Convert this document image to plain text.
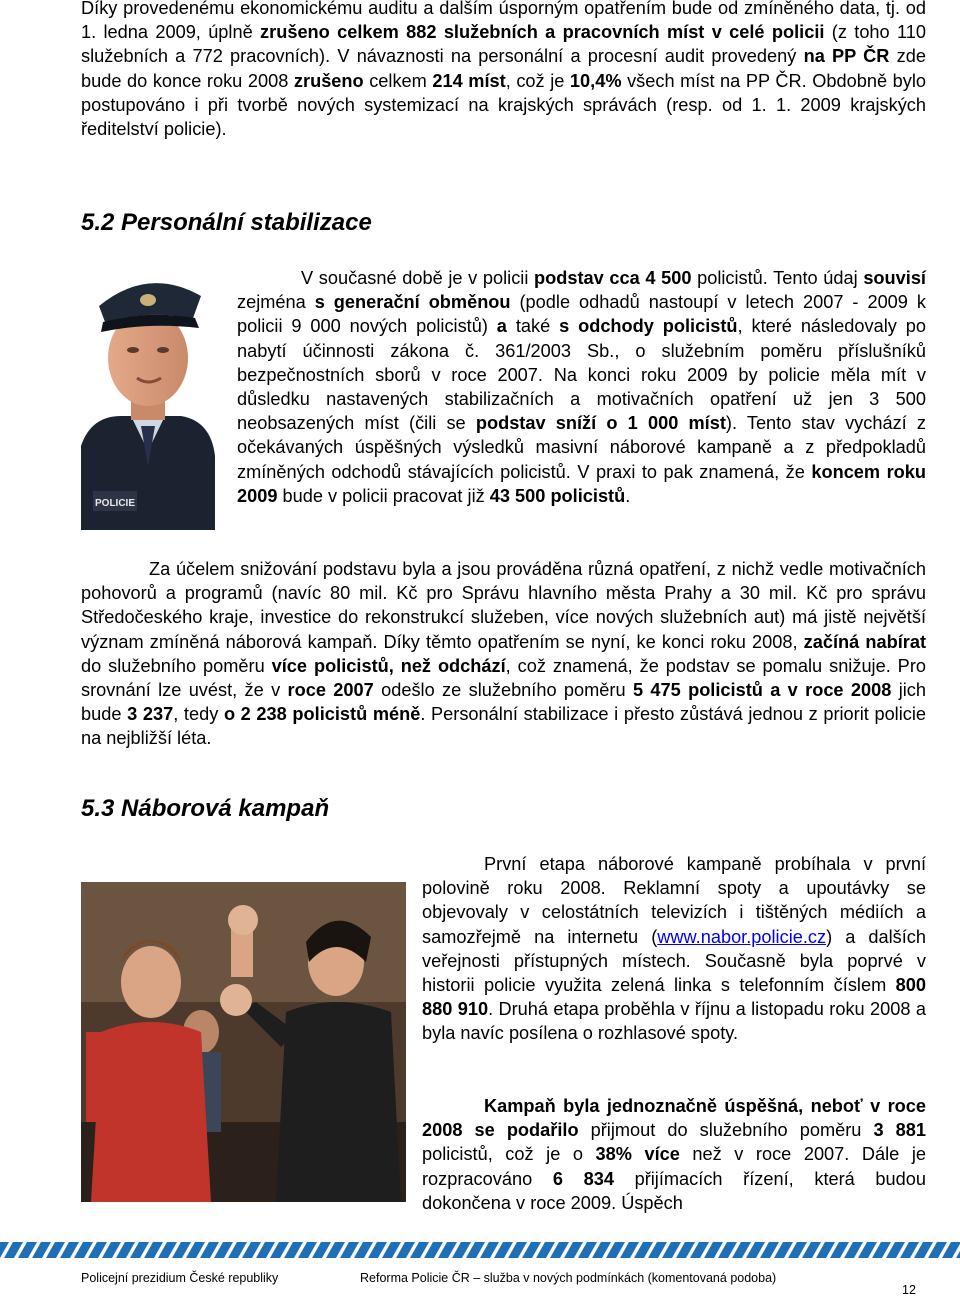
Díky provedenému ekonomickému auditu a dalším úsporným opatřením bude od zmíněného data, tj. od 1. ledna 2009, úplně zrušeno celkem 882 služebních a pracovních míst v celé policii (z toho 110 služebních a 772 pracovních). V návaznosti na personální a procesní audit provedený na PP ČR zde bude do konce roku 2008 zrušeno celkem 214 míst, což je 10,4% všech míst na PP ČR. Obdobně bylo postupováno i při tvorbě nových systemizací na krajských správách (resp. od 1. 1. 2009 krajských ředitelství policie).

5.2 Personální stabilizace
POLICIE

V současné době je v policii podstav cca 4 500 policistů. Tento údaj souvisí zejména s generační obměnou (podle odhadů nastoupí v letech 2007 - 2009 k policii 9 000 nových policistů) a také s odchody policistů, které následovaly po nabytí účinnosti zákona č. 361/2003 Sb., o služebním poměru příslušníků bezpečnostních sborů v roce 2007. Na konci roku 2009 by policie měla mít v důsledku nastavených stabilizačních a motivačních opatření už jen 3 500 neobsazených míst (čili se podstav sníží o 1 000 míst). Tento stav vychází z očekávaných úspěšných výsledků masivní náborové kampaně a z předpokladů zmíněných odchodů stávajících policistů. V praxi to pak znamená, že koncem roku 2009 bude v policii pracovat již 43 500 policistů.

Za účelem snižování podstavu byla a jsou prováděna různá opatření, z nichž vedle motivačních pohovorů a programů (navíc 80 mil. Kč pro Správu hlavního města Prahy a 30 mil. Kč pro správu Středočeského kraje, investice do rekonstrukcí služeben, více nových služebních aut) má jistě největší význam zmíněná náborová kampaň. Díky těmto opatřením se nyní, ke konci roku 2008, začíná nabírat do služebního poměru více policistů, než odchází, což znamená, že podstav se pomalu snižuje. Pro srovnání lze uvést, že v roce 2007 odešlo ze služebního poměru 5 475 policistů a v roce 2008 jich bude 3 237, tedy o 2 238 policistů méně. Personální stabilizace i přesto zůstává jednou z priorit policie na nejbližší léta.

5.3 Náborová kampaň

První etapa náborové kampaně probíhala v první polovině roku 2008. Reklamní spoty a upoutávky se objevovaly v celostátních televizích i tištěných médiích a samozřejmě na internetu (www.nabor.policie.cz) a dalších veřejnosti přístupných místech. Současně byla poprvé v historii policie využita zelená linka s telefonním číslem 800 880 910. Druhá etapa proběhla v říjnu a listopadu roku 2008 a byla navíc posílena o rozhlasové spoty.

Kampaň byla jednoznačně úspěšná, neboť v roce 2008 se podařilo přijmout do služebního poměru 3 881 policistů, což je o 38% více než v roce 2007. Dále je rozpracováno 6 834 přijímacích řízení, která budou dokončena v roce 2009. Úspěch

Policejní prezidium České republiky	Reforma Policie ČR – služba v nových podmínkách (komentovaná podoba)
12
